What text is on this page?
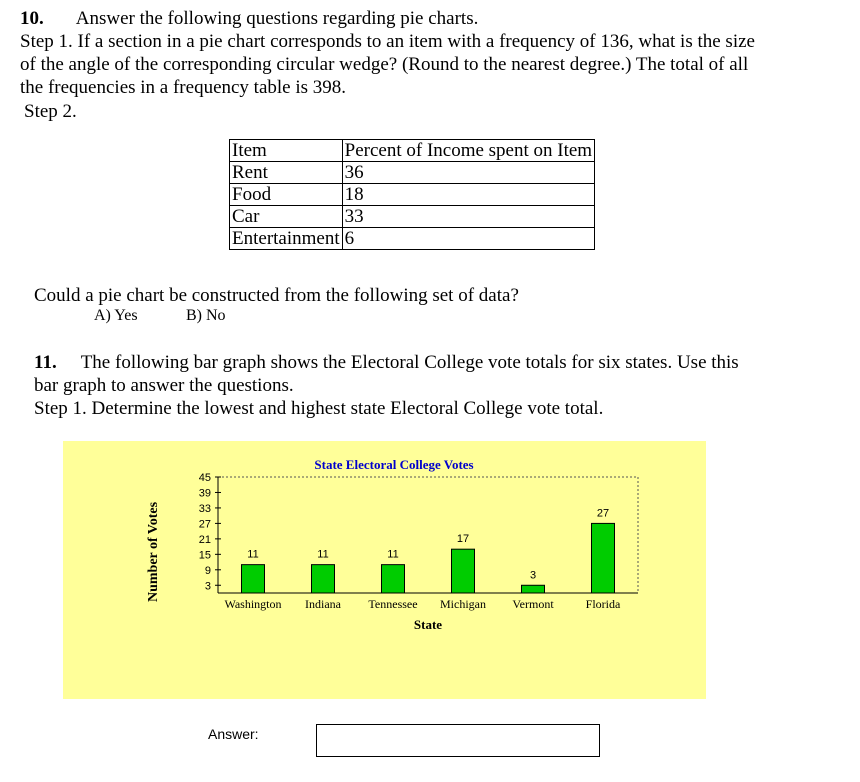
10. Answer the following questions regarding pie charts.
Step 1. If a section in a pie chart corresponds to an item with a frequency of 136, what is the size
of the angle of the corresponding circular wedge? (Round to the nearest degree.) The total of all
the frequencies in a frequency table is 398.
Step 2.
Item	Percent of Income spent on Item
Rent	36
Food	18
Car	33
Entertainment	6
Could a pie chart be constructed from the following set of data?
A) Yes	B) No
11. The following bar graph shows the Electoral College vote totals for six states. Use this
bar graph to answer the questions.
Step 1. Determine the lowest and highest state Electoral College vote total.
State Electoral College Votes
Number of Votes
State
3
9
15
21
27
33
39
45
11
Washington
11
Indiana
11
Tennessee
17
Michigan
3
Vermont
27
Florida
Answer:
